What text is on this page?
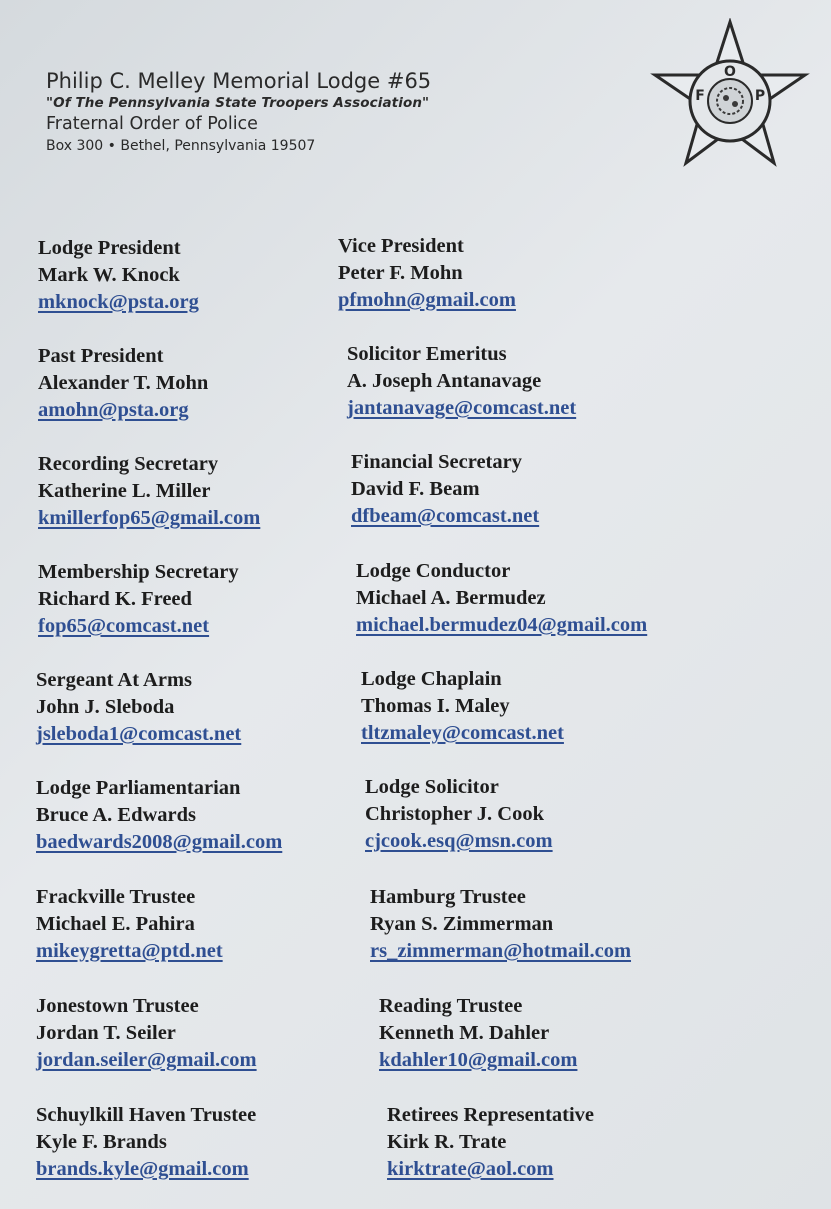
Philip C. Melley Memorial Lodge #65
"Of The Pennsylvania State Troopers Association"
Fraternal Order of Police
Box 300 • Bethel, Pennsylvania 19507
F
O
P
Lodge President
Mark W. Knock
mknock@psta.org
Vice President
Peter F. Mohn
pfmohn@gmail.com
Past President
Alexander T. Mohn
amohn@psta.org
Solicitor Emeritus
A. Joseph Antanavage
jantanavage@comcast.net
Recording Secretary
Katherine L. Miller
kmillerfop65@gmail.com
Financial Secretary
David F. Beam
dfbeam@comcast.net
Membership Secretary
Richard K. Freed
fop65@comcast.net
Lodge Conductor
Michael A. Bermudez
michael.bermudez04@gmail.com
Sergeant At Arms
John J. Sleboda
jsleboda1@comcast.net
Lodge Chaplain
Thomas I. Maley
tltzmaley@comcast.net
Lodge Parliamentarian
Bruce A. Edwards
baedwards2008@gmail.com
Lodge Solicitor
Christopher J. Cook
cjcook.esq@msn.com
Frackville Trustee
Michael E. Pahira
mikeygretta@ptd.net
Hamburg Trustee
Ryan S. Zimmerman
rs_zimmerman@hotmail.com
Jonestown Trustee
Jordan T. Seiler
jordan.seiler@gmail.com
Reading Trustee
Kenneth M. Dahler
kdahler10@gmail.com
Schuylkill Haven Trustee
Kyle F. Brands
brands.kyle@gmail.com
Retirees Representative
Kirk R. Trate
kirktrate@aol.com
